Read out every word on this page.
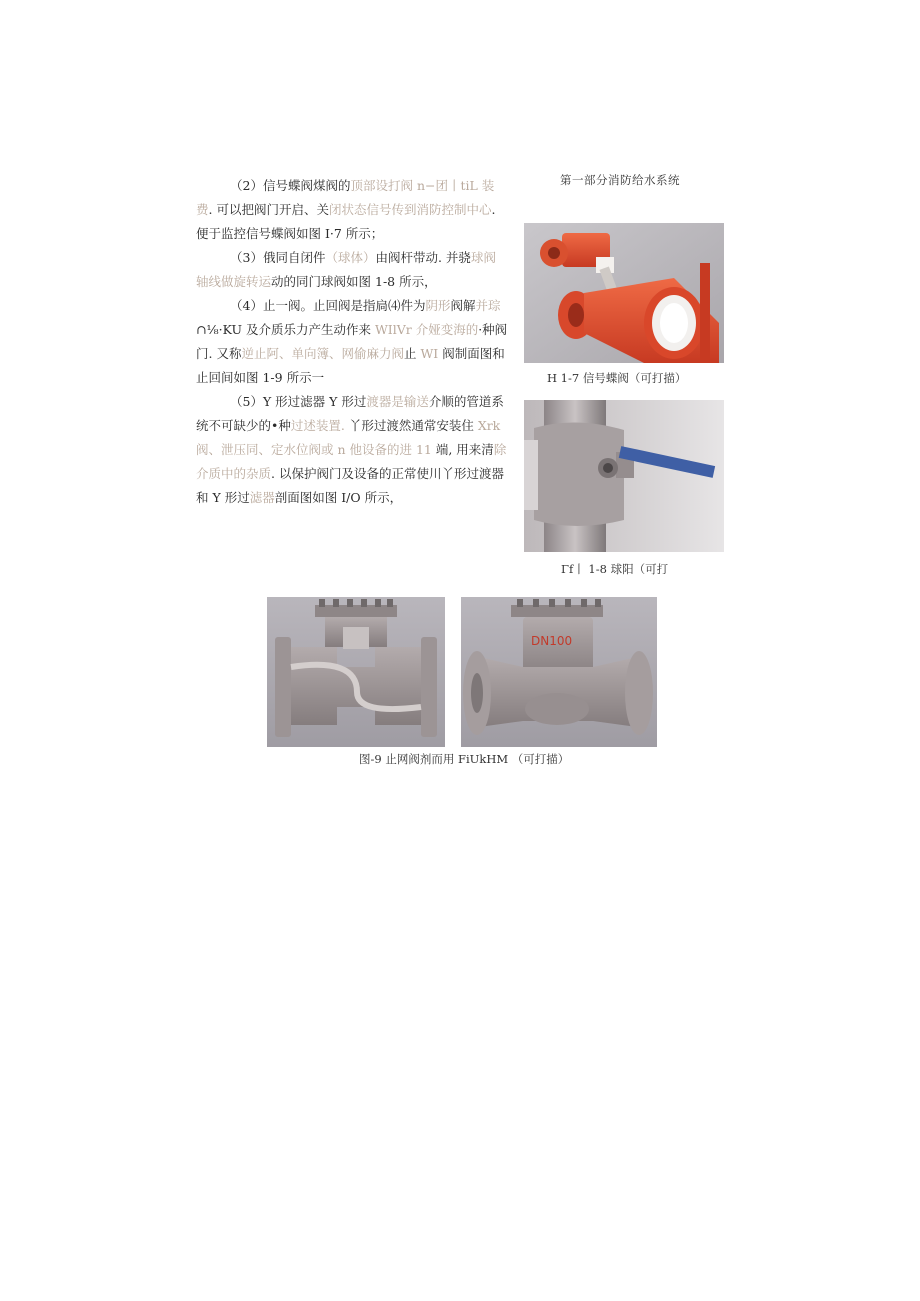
第一部分消防给水系统

（2）信号蝶阀煤阀的顶部设打阀 n−团丨tiL 装费. 可以把阀门开启、关闭状态信号传到消防控制中心. 便于监控信号蝶阀如图 I·7 所示；

（3）俄同自闭件（球体）由阀杆带动. 并骁球阀轴线做旋转运动的同门球阀如图 1-8 所示，

（4）止一阀。止回阀是指扃⑷件为阴形阀解并琮∩⅛·KU 及介质乐力产生动作来 WIlVr 介娅变海的·种阀门. 又称逆止阿、单向簿、网偷麻力阀止 WI 阀制面图和止回间如图 1-9 所示一

（5）Y 形过滤器 Y 形过渡器是输送介顺的管道系统不可缺少的•种过述装置. 丫形过渡然通常安装住 Xrk 阀、泄压同、定水位阀或 n 他设备的进 11 端, 用来清除介质中的杂质. 以保护阀门及设备的正常使川丫形过渡器和 Y 形过滤器剖面图如图 I/O 所示，

H 1-7 信号蝶阀（可打描）
Γf丨 1-8 球阳（可打
DN100
图-9 止网阀剂而用 FiUkHM （可打描）
